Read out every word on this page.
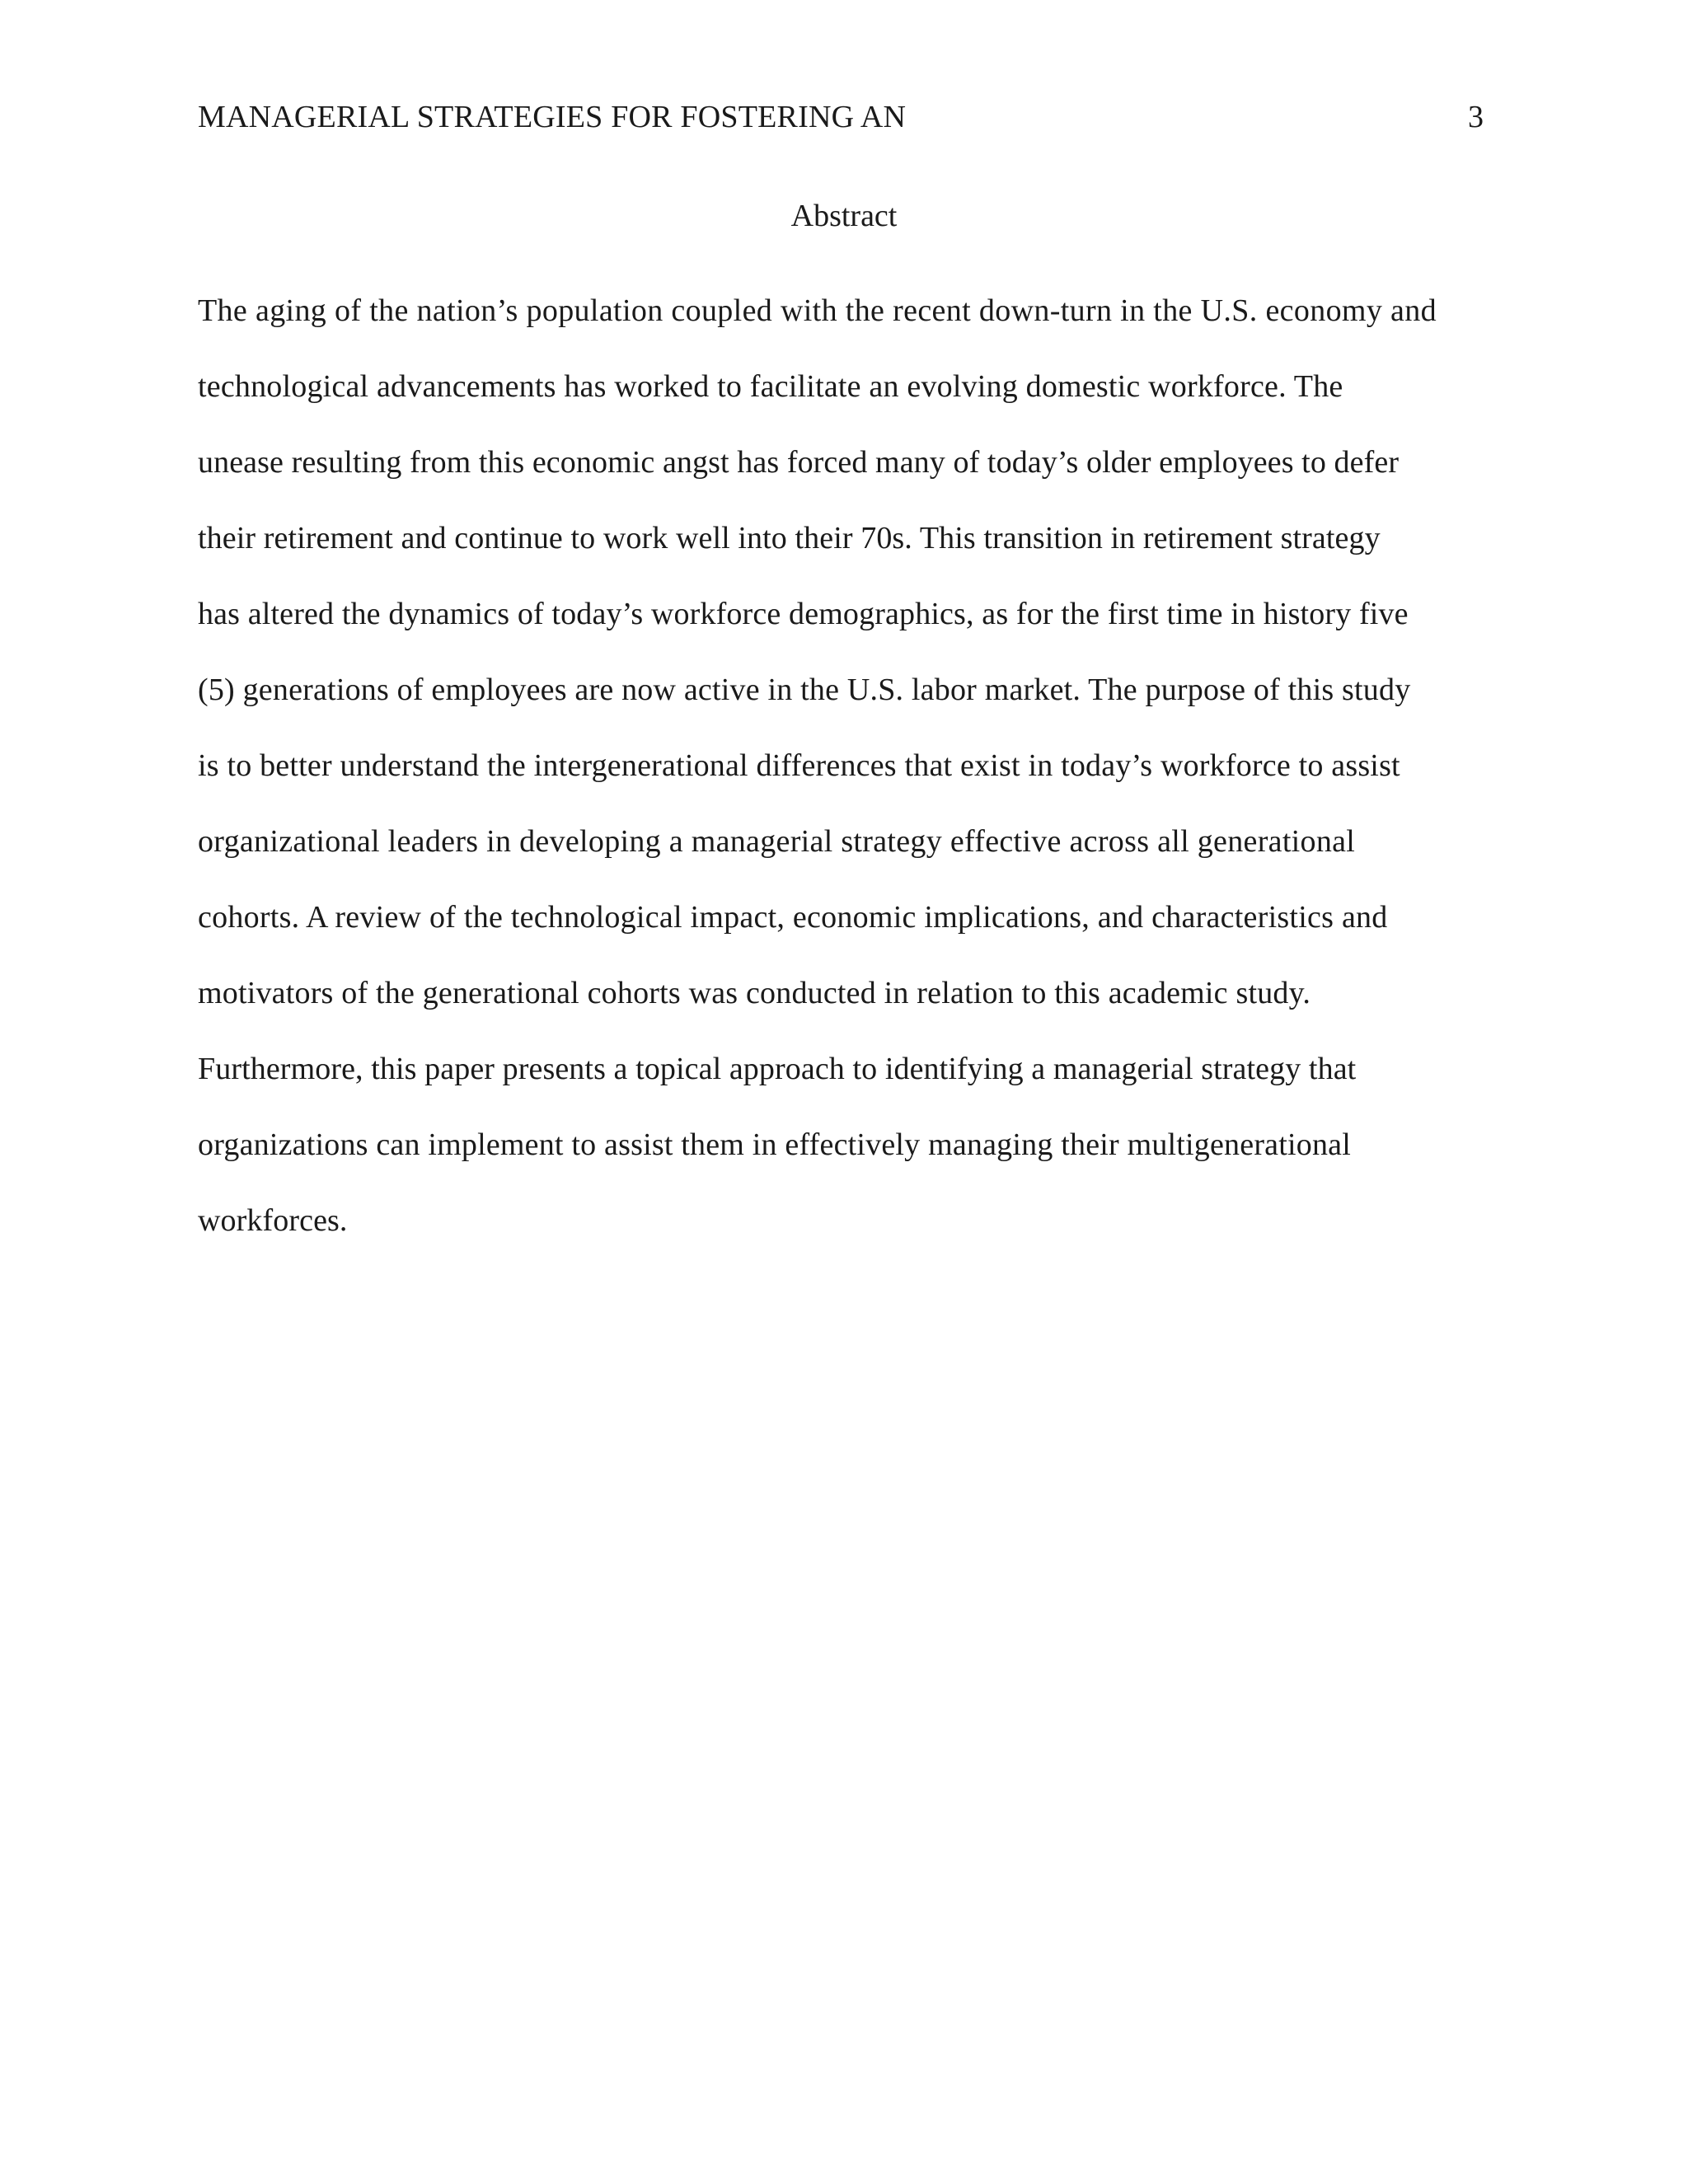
MANAGERIAL STRATEGIES FOR FOSTERING AN	3
Abstract
The aging of the nation’s population coupled with the recent down-turn in the U.S. economy and
technological advancements has worked to facilitate an evolving domestic workforce. The
unease resulting from this economic angst has forced many of today’s older employees to defer
their retirement and continue to work well into their 70s. This transition in retirement strategy
has altered the dynamics of today’s workforce demographics, as for the first time in history five
(5) generations of employees are now active in the U.S. labor market. The purpose of this study
is to better understand the intergenerational differences that exist in today’s workforce to assist
organizational leaders in developing a managerial strategy effective across all generational
cohorts. A review of the technological impact, economic implications, and characteristics and
motivators of the generational cohorts was conducted in relation to this academic study.
Furthermore, this paper presents a topical approach to identifying a managerial strategy that
organizations can implement to assist them in effectively managing their multigenerational
workforces.
